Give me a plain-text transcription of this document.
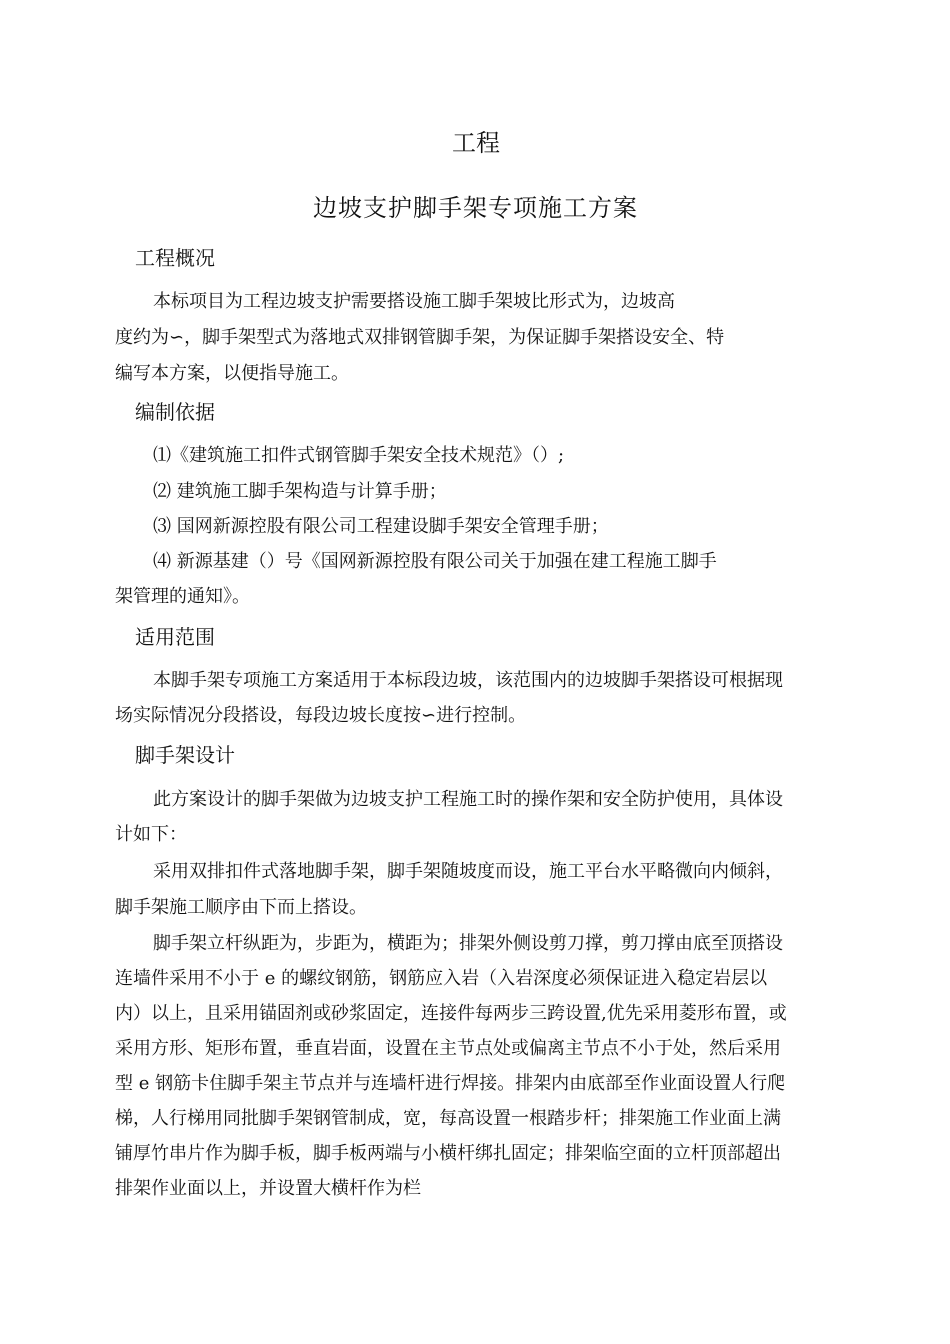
工程
边坡支护脚手架专项施工方案
工程概况
本标项目为工程边坡支护需要搭设施工脚手架坡比形式为，边坡高
度约为∽，脚手架型式为落地式双排钢管脚手架，为保证脚手架搭设安全、特
编写本方案，以便指导施工。
编制依据
⑴《建筑施工扣件式钢管脚手架安全技术规范》（）;
⑵ 建筑施工脚手架构造与计算手册；
⑶ 国网新源控股有限公司工程建设脚手架安全管理手册；
⑷ 新源基建（）号《国网新源控股有限公司关于加强在建工程施工脚手
架管理的通知》。
适用范围
本脚手架专项施工方案适用于本标段边坡，该范围内的边坡脚手架搭设可根据现
场实际情况分段搭设，每段边坡长度按∽进行控制。
脚手架设计
此方案设计的脚手架做为边坡支护工程施工时的操作架和安全防护使用，具体设
计如下：
采用双排扣件式落地脚手架，脚手架随坡度而设，施工平台水平略微向内倾斜，
脚手架施工顺序由下而上搭设。
脚手架立杆纵距为，步距为，横距为；排架外侧设剪刀撑，剪刀撑由底至顶搭设
连墙件采用不小于 e 的螺纹钢筋，钢筋应入岩（入岩深度必须保证进入稳定岩层以
内）以上，且采用锚固剂或砂浆固定，连接件每两步三跨设置,优先采用菱形布置，或
采用方形、矩形布置，垂直岩面，设置在主节点处或偏离主节点不小于处，然后采用
型 e 钢筋卡住脚手架主节点并与连墙杆进行焊接。排架内由底部至作业面设置人行爬
梯，人行梯用同批脚手架钢管制成，宽，每高设置一根踏步杆；排架施工作业面上满
铺厚竹串片作为脚手板，脚手板两端与小横杆绑扎固定；排架临空面的立杆顶部超出
排架作业面以上，并设置大横杆作为栏
